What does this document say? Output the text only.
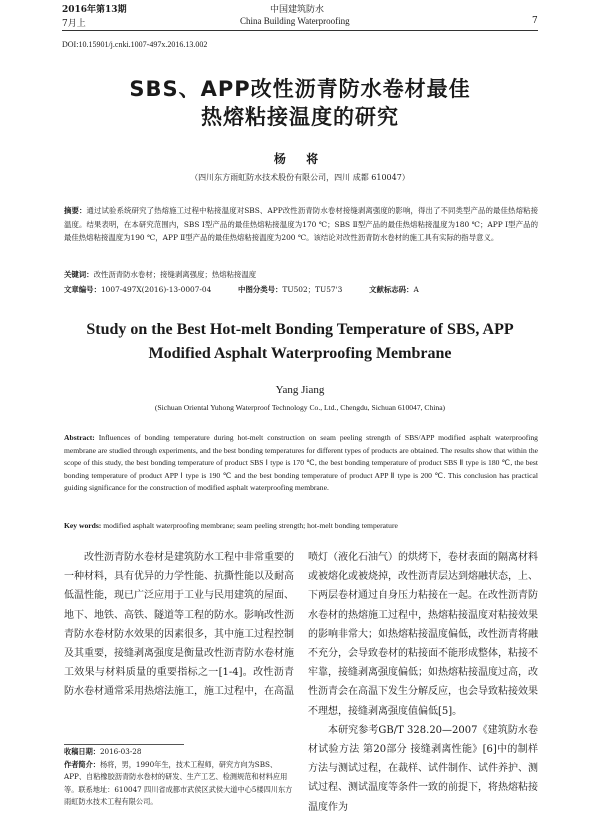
2016年第13期
7月上
中国建筑防水
China Building Waterproofing	7
DOI:10.15901/j.cnki.1007-497x.2016.13.002
SBS、APP改性沥青防水卷材最佳
热熔粘接温度的研究
杨 将
（四川东方雨虹防水技术股份有限公司，四川 成都 610047）
摘要：通过试验系统研究了热熔施工过程中粘接温度对SBS、APP改性沥青防水卷材接缝剥离强度的影响，得出了不同类型产品的最佳热熔粘接温度。结果表明，在本研究范围内，SBS Ⅰ型产品的最佳热熔粘接温度为170 ℃；SBS Ⅱ型产品的最佳热熔粘接温度为180 ℃；APP Ⅰ型产品的最佳热熔粘接温度为190 ℃，APP Ⅱ型产品的最佳热熔粘接温度为200 ℃。该结论对改性沥青防水卷材的施工具有实际的指导意义。
关键词：改性沥青防水卷材；接缝剥离强度；热熔粘接温度
文章编号：1007-497X(2016)-13-0007-04	中图分类号：TU502；TU57'3	文献标志码：A
Study on the Best Hot-melt Bonding Temperature of SBS, APP
Modified Asphalt Waterproofing Membrane
Yang Jiang
(Sichuan Oriental Yuhong Waterproof Technology Co., Ltd., Chengdu, Sichuan 610047, China)
Abstract: Influences of bonding temperature during hot-melt construction on seam peeling strength of SBS/APP modified asphalt waterproofing membrane are studied through experiments, and the best bonding temperatures for different types of products are obtained. The results show that within the scope of this study, the best bonding temperature of product SBS Ⅰ type is 170 ℃, the best bonding temperature of product SBS Ⅱ type is 180 ℃, the best bonding temperature of product APP Ⅰ type is 190 ℃ and the best bonding temperature of product APP Ⅱ type is 200 ℃. This conclusion has practical guiding significance for the construction of modified asphalt waterproofing membrane.
Key words: modified asphalt waterproofing membrane; seam peeling strength; hot-melt bonding temperature
改性沥青防水卷材是建筑防水工程中非常重要的一种材料，具有优异的力学性能、抗撕性能以及耐高低温性能，现已广泛应用于工业与民用建筑的屋面、地下、地铁、高铁、隧道等工程的防水。影响改性沥青防水卷材防水效果的因素很多，其中施工过程控制及其重要，接缝剥离强度是衡量改性沥青防水卷材施工效果与材料质量的重要指标之一[1-4]。改性沥青防水卷材通常采用热熔法施工，施工过程中，在高温
收稿日期：2016-03-28
作者简介：杨将，男，1990年生，技术工程师，研究方向为SBS、APP、自粘橡胶沥青防水卷材的研发、生产工艺、检测规范和材料应用等。联系地址：610047 四川省成都市武侯区武侯大道中心5楼四川东方雨虹防水技术工程有限公司。
喷灯（液化石油气）的烘烤下，卷材表面的隔离材料或被熔化或被烧掉，改性沥青层达到熔融状态，上、下两层卷材通过自身压力粘接在一起。在改性沥青防水卷材的热熔施工过程中，热熔粘接温度对粘接效果的影响非常大；如热熔粘接温度偏低，改性沥青将融不充分，会导致卷材的粘接面不能形成整体，粘接不牢靠，接缝剥离强度偏低；如热熔粘接温度过高，改性沥青会在高温下发生分解反应，也会导致粘接效果不理想，接缝剥离强度值偏低[5]。
本研究参考GB/T 328.20—2007《建筑防水卷材试验方法 第20部分 接缝剥离性能》[6]中的制样方法与测试过程，在裁样、试件制作、试件养护、测试过程、测试温度等条件一致的前提下，将热熔粘接温度作为
